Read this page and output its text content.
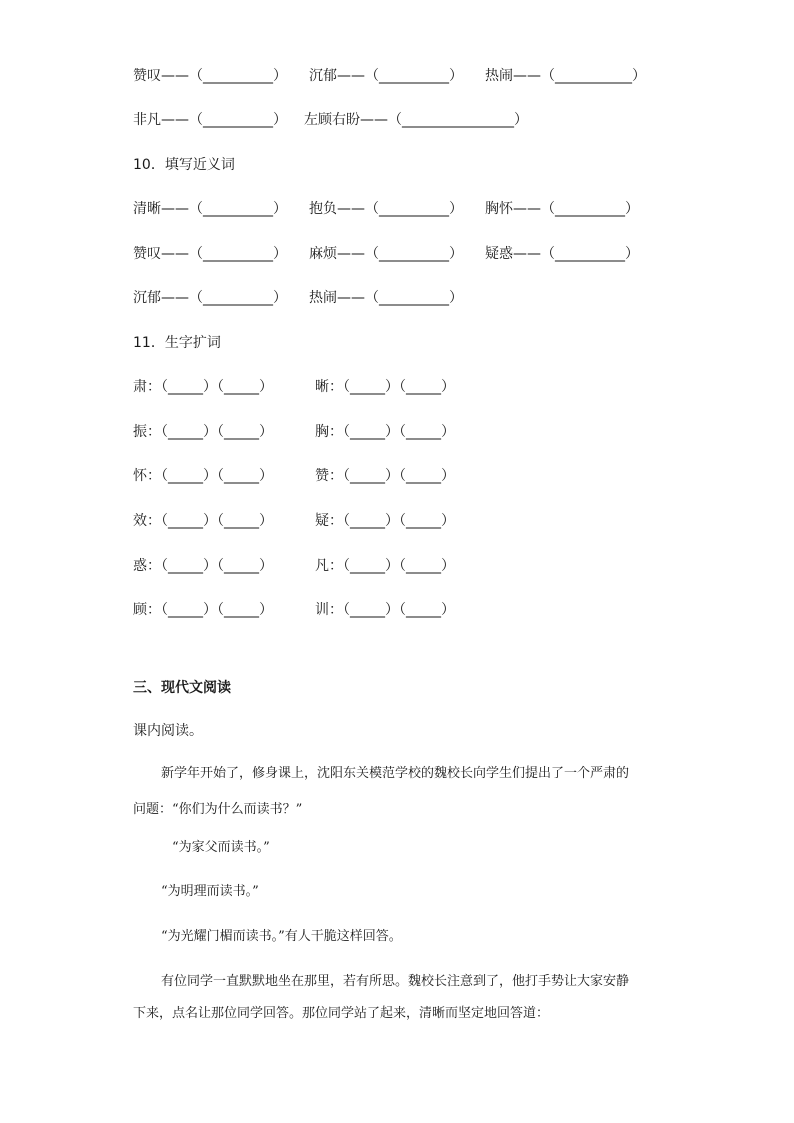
赞叹——（__________） 沉郁——（__________） 热闹——（___________）
非凡——（__________） 左顾右盼——（________________）
10．填写近义词
清晰——（__________） 抱负——（__________） 胸怀——（__________）
赞叹——（__________） 麻烦——（__________） 疑惑——（__________）
沉郁——（__________） 热闹——（__________）
11．生字扩词
肃：（_____）（_____）	晰：（_____）（_____）
振：（_____）（_____）	胸：（_____）（_____）
怀：（_____）（_____）	赞：（_____）（_____）
效：（_____）（_____）	疑：（_____）（_____）
惑：（_____）（_____）	凡：（_____）（_____）
顾：（_____）（_____）	训：（_____）（_____）
三、现代文阅读
课内阅读。
新学年开始了，修身课上，沈阳东关模范学校的魏校长向学生们提出了一个严肃的
问题：“你们为什么而读书？”
“为家父而读书。”
“为明理而读书。”
“为光耀门楣而读书。”有人干脆这样回答。
有位同学一直默默地坐在那里，若有所思。魏校长注意到了，他打手势让大家安静
下来，点名让那位同学回答。那位同学站了起来，清晰而坚定地回答道：
